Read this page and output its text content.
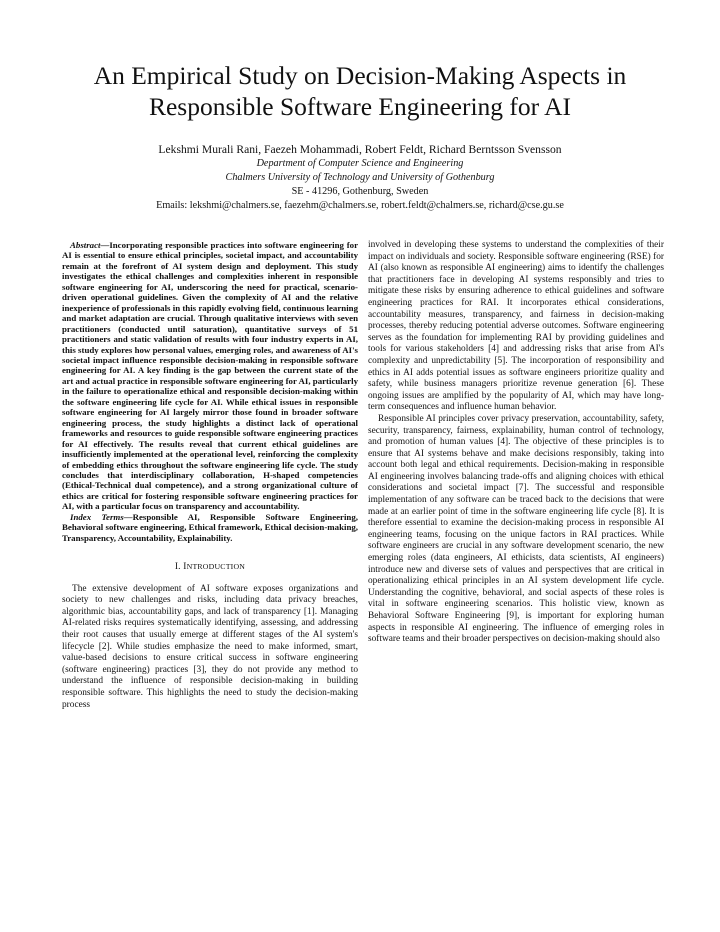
An Empirical Study on Decision-Making Aspects in
Responsible Software Engineering for AI
Lekshmi Murali Rani, Faezeh Mohammadi, Robert Feldt, Richard Berntsson Svensson
Department of Computer Science and Engineering
Chalmers University of Technology and University of Gothenburg
SE - 41296, Gothenburg, Sweden
Emails: lekshmi@chalmers.se, faezehm@chalmers.se, robert.feldt@chalmers.se, richard@cse.gu.se

Abstract—Incorporating responsible practices into software engineering for AI is essential to ensure ethical principles, societal impact, and accountability remain at the forefront of AI system design and deployment. This study investigates the ethical challenges and complexities inherent in responsible software engineering for AI, underscoring the need for practical, scenario-driven operational guidelines. Given the complexity of AI and the relative inexperience of professionals in this rapidly evolving field, continuous learning and market adaptation are crucial. Through qualitative interviews with seven practitioners (conducted until saturation), quantitative surveys of 51 practitioners and static validation of results with four industry experts in AI, this study explores how personal values, emerging roles, and awareness of AI's societal impact influence responsible decision-making in responsible software engineering for AI. A key finding is the gap between the current state of the art and actual practice in responsible software engineering for AI, particularly in the failure to operationalize ethical and responsible decision-making within the software engineering life cycle for AI. While ethical issues in responsible software engineering for AI largely mirror those found in broader software engineering process, the study highlights a distinct lack of operational frameworks and resources to guide responsible software engineering practices for AI effectively. The results reveal that current ethical guidelines are insufficiently implemented at the operational level, reinforcing the complexity of embedding ethics throughout the software engineering life cycle. The study concludes that interdisciplinary collaboration, H-shaped competencies (Ethical-Technical dual competence), and a strong organizational culture of ethics are critical for fostering responsible software engineering practices for AI, with a particular focus on transparency and accountability.

Index Terms—Responsible AI, Responsible Software Engineering, Behavioral software engineering, Ethical framework, Ethical decision-making, Transparency, Accountability, Explainability.

I. INTRODUCTION

The extensive development of AI software exposes organizations and society to new challenges and risks, including data privacy breaches, algorithmic bias, accountability gaps, and lack of transparency [1]. Managing AI-related risks requires systematically identifying, assessing, and addressing their root causes that usually emerge at different stages of the AI system's lifecycle [2]. While studies emphasize the need to make informed, smart, value-based decisions to ensure critical success in software engineering (software engineering) practices [3], they do not provide any method to understand the influence of responsible decision-making in building responsible software. This highlights the need to study the decision-making process

involved in developing these systems to understand the complexities of their impact on individuals and society. Responsible software engineering (RSE) for AI (also known as responsible AI engineering) aims to identify the challenges that practitioners face in developing AI systems responsibly and tries to mitigate these risks by ensuring adherence to ethical guidelines and software engineering practices for RAI. It incorporates ethical considerations, accountability measures, transparency, and fairness in decision-making processes, thereby reducing potential adverse outcomes. Software engineering serves as the foundation for implementing RAI by providing guidelines and tools for various stakeholders [4] and addressing risks that arise from AI's complexity and unpredictability [5]. The incorporation of responsibility and ethics in AI adds potential issues as software engineers prioritize quality and safety, while business managers prioritize revenue generation [6]. These ongoing issues are amplified by the popularity of AI, which may have long-term consequences and influence human behavior.

Responsible AI principles cover privacy preservation, accountability, safety, security, transparency, fairness, explainability, human control of technology, and promotion of human values [4]. The objective of these principles is to ensure that AI systems behave and make decisions responsibly, taking into account both legal and ethical requirements. Decision-making in responsible AI engineering involves balancing trade-offs and aligning choices with ethical considerations and societal impact [7]. The successful and responsible implementation of any software can be traced back to the decisions that were made at an earlier point of time in the software engineering life cycle [8]. It is therefore essential to examine the decision-making process in responsible AI engineering teams, focusing on the unique factors in RAI practices. While software engineers are crucial in any software development scenario, the new emerging roles (data engineers, AI ethicists, data scientists, AI engineers) introduce new and diverse sets of values and perspectives that are critical in operationalizing ethical principles in an AI system development life cycle. Understanding the cognitive, behavioral, and social aspects of these roles is vital in software engineering scenarios. This holistic view, known as Behavioral Software Engineering [9], is important for exploring human aspects in responsible AI engineering. The influence of emerging roles in software teams and their broader perspectives on decision-making should also
